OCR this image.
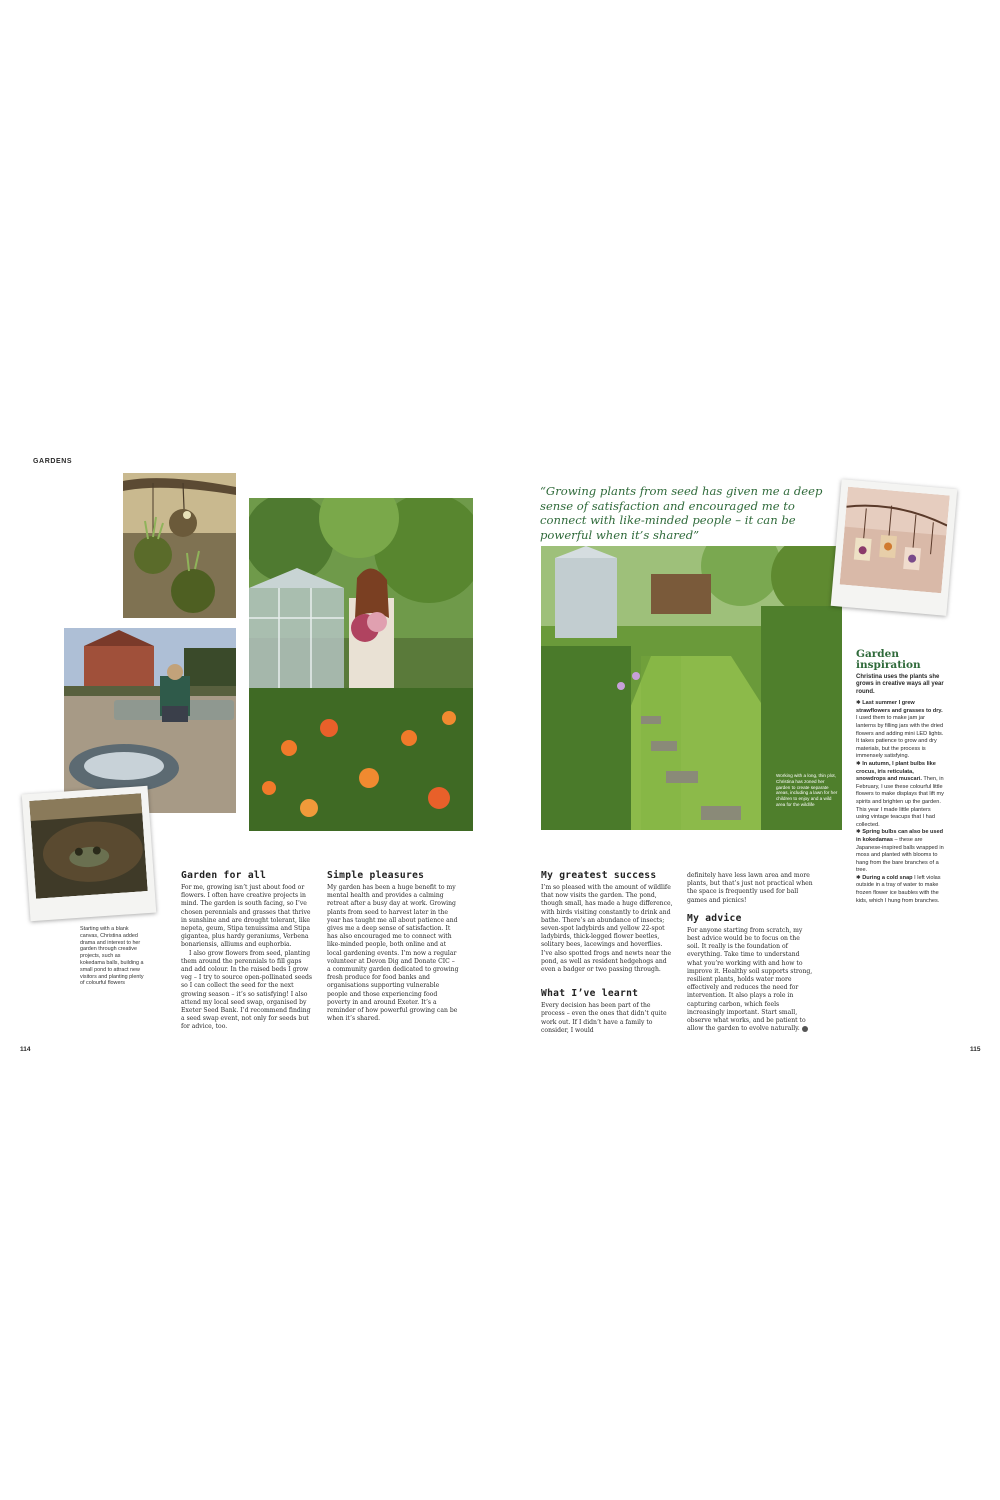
GARDENS
Starting with a blank canvas, Christina added drama and interest to her garden through creative projects, such as kokedama balls, building a small pond to attract new visitors and planting plenty of colourful flowers
Garden for all

For me, growing isn’t just about food or flowers. I often have creative projects in mind. The garden is south facing, so I’ve chosen perennials and grasses that thrive in sunshine and are drought tolerant, like nepeta, geum, Stipa tenuissima and Stipa gigantea, plus hardy geraniums, Verbena bonariensis, alliums and euphorbia.

I also grow flowers from seed, planting them around the perennials to fill gaps and add colour. In the raised beds I grow veg – I try to source open-pollinated seeds so I can collect the seed for the next growing season – it’s so satisfying! I also attend my local seed swap, organised by Exeter Seed Bank. I’d recommend finding a seed swap event, not only for seeds but for advice, too.

Simple pleasures

My garden has been a huge benefit to my mental health and provides a calming retreat after a busy day at work. Growing plants from seed to harvest later in the year has taught me all about patience and gives me a deep sense of satisfaction. It has also encouraged me to connect with like-minded people, both online and at local gardening events. I’m now a regular volunteer at Devon Dig and Donate CIC – a community garden dedicated to growing fresh produce for food banks and organisations supporting vulnerable people and those experiencing food poverty in and around Exeter. It’s a reminder of how powerful growing can be when it’s shared.

114
“Growing plants from seed has given me a deep sense of satisfaction and encouraged me to connect with like-minded people – it can be powerful when it’s shared”
Working with a long, thin plot, Christina has zoned her garden to create separate areas, including a lawn for her children to enjoy and a wild area for the wildlife
Garden
inspiration
Christina uses the plants she grows in creative ways all year round.

✱ Last summer I grew strawflowers and grasses to dry. I used them to make jam jar lanterns by filling jars with the dried flowers and adding mini LED lights. It takes patience to grow and dry materials, but the process is immensely satisfying.

✱ In autumn, I plant bulbs like crocus, iris reticulata, snowdrops and muscari. Then, in February, I use these colourful little flowers to make displays that lift my spirits and brighten up the garden. This year I made little planters using vintage teacups that I had collected.

✱ Spring bulbs can also be used in kokedamas – these are Japanese-inspired balls wrapped in moss and planted with blooms to hang from the bare branches of a tree.

✱ During a cold snap I left violas outside in a tray of water to make frozen flower ice baubles with the kids, which I hung from branches.

My greatest success

I’m so pleased with the amount of wildlife that now visits the garden. The pond, though small, has made a huge difference, with birds visiting constantly to drink and bathe. There’s an abundance of insects; seven-spot ladybirds and yellow 22-spot ladybirds, thick-legged flower beetles, solitary bees, lacewings and hoverflies. I’ve also spotted frogs and newts near the pond, as well as resident hedgehogs and even a badger or two passing through.

What I’ve learnt

Every decision has been part of the process – even the ones that didn’t quite work out. If I didn’t have a family to consider, I would

definitely have less lawn area and more plants, but that’s just not practical when the space is frequently used for ball games and picnics!

My advice

For anyone starting from scratch, my best advice would be to focus on the soil. It really is the foundation of everything. Take time to understand what you’re working with and how to improve it. Healthy soil supports strong, resilient plants, holds water more effectively and reduces the need for intervention. It also plays a role in capturing carbon, which feels increasingly important. Start small, observe what works, and be patient to allow the garden to evolve naturally.

115
